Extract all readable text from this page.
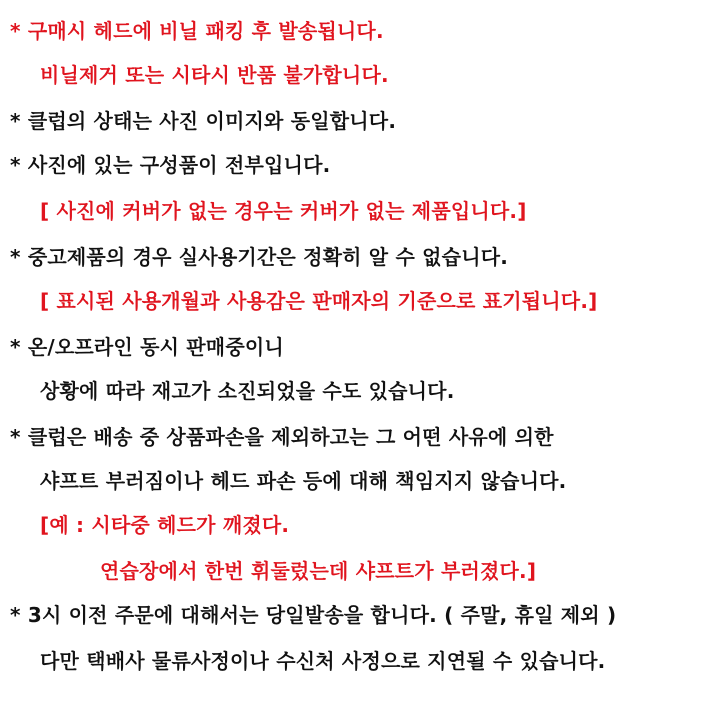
* 구매시 헤드에 비닐 패킹 후 발송됩니다.
비닐제거 또는 시타시 반품 불가합니다.
* 클럽의 상태는 사진 이미지와 동일합니다.
* 사진에 있는 구성품이 전부입니다.
[ 사진에 커버가 없는 경우는 커버가 없는 제품입니다.]
* 중고제품의 경우 실사용기간은 정확히 알 수 없습니다.
[ 표시된 사용개월과 사용감은 판매자의 기준으로 표기됩니다.]
* 온/오프라인 동시 판매중이니
상황에 따라 재고가 소진되었을 수도 있습니다.
* 클럽은 배송 중 상품파손을 제외하고는 그 어떤 사유에 의한
샤프트 부러짐이나 헤드 파손 등에 대해 책임지지 않습니다.
[예 : 시타중 헤드가 깨졌다.
연습장에서 한번 휘둘렀는데 샤프트가 부러졌다.]
* 3시 이전 주문에 대해서는 당일발송을 합니다. ( 주말, 휴일 제외 )
다만 택배사 물류사정이나 수신처 사정으로 지연될 수 있습니다.
